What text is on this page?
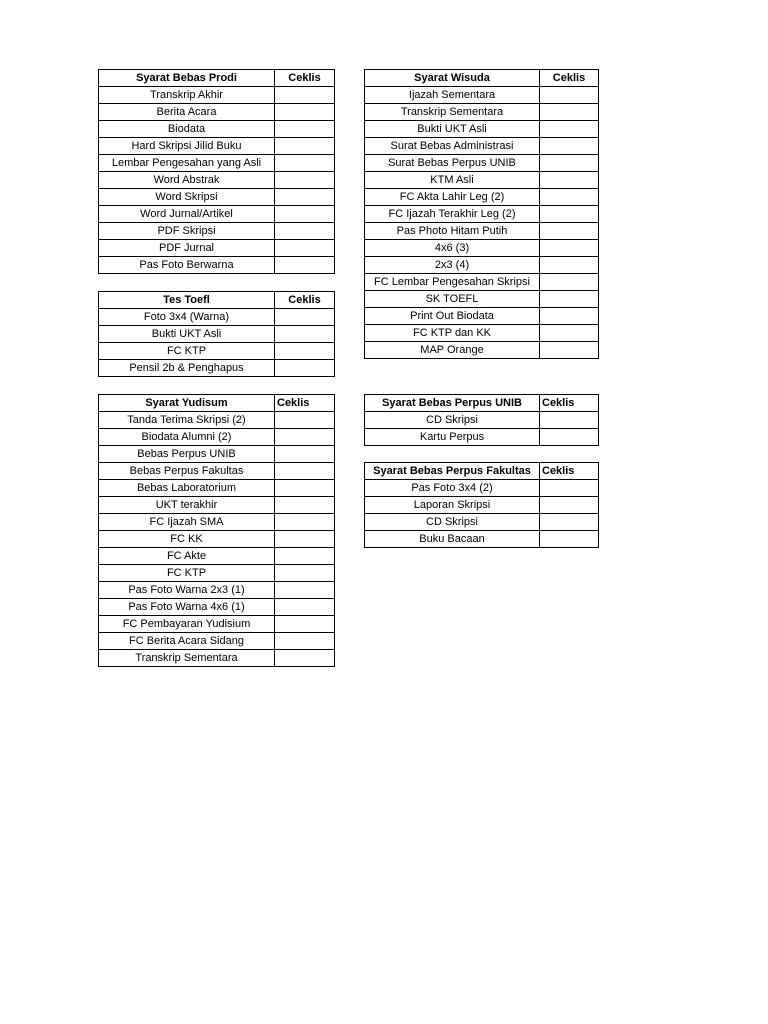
Syarat Bebas Prodi	Ceklis
Transkrip Akhir	
Berita Acara	
Biodata	
Hard Skripsi Jilid Buku	
Lembar Pengesahan yang Asli	
Word Abstrak	
Word Skripsi	
Word Jurnal/Artikel	
PDF Skripsi	
PDF Jurnal	
Pas Foto Berwarna	
Tes Toefl	Ceklis
Foto 3x4 (Warna)	
Bukti UKT Asli	
FC KTP	
Pensil 2b & Penghapus	
Syarat Yudisum	Ceklis
Tanda Terima Skripsi (2)	
Biodata Alumni (2)	
Bebas Perpus UNIB	
Bebas Perpus Fakultas	
Bebas Laboratorium	
UKT terakhir	
FC Ijazah SMA	
FC KK	
FC Akte	
FC KTP	
Pas Foto Warna 2x3 (1)	
Pas Foto Warna 4x6 (1)	
FC Pembayaran Yudisium	
FC Berita Acara Sidang	
Transkrip Sementara	
Syarat Wisuda	Ceklis
Ijazah Sementara	
Transkrip Sementara	
Bukti UKT Asli	
Surat Bebas Administrasi	
Surat Bebas Perpus UNIB	
KTM Asli	
FC Akta Lahir Leg (2)	
FC Ijazah Terakhir Leg (2)	
Pas Photo Hitam Putih	
4x6 (3)	
2x3 (4)	
FC Lembar Pengesahan Skripsi	
SK TOEFL	
Print Out Biodata	
FC KTP dan KK	
MAP Orange	
Syarat Bebas Perpus UNIB	Ceklis
CD Skripsi	
Kartu Perpus	
Syarat Bebas Perpus Fakultas	Ceklis
Pas Foto 3x4 (2)	
Laporan Skripsi	
CD Skripsi	
Buku Bacaan	
